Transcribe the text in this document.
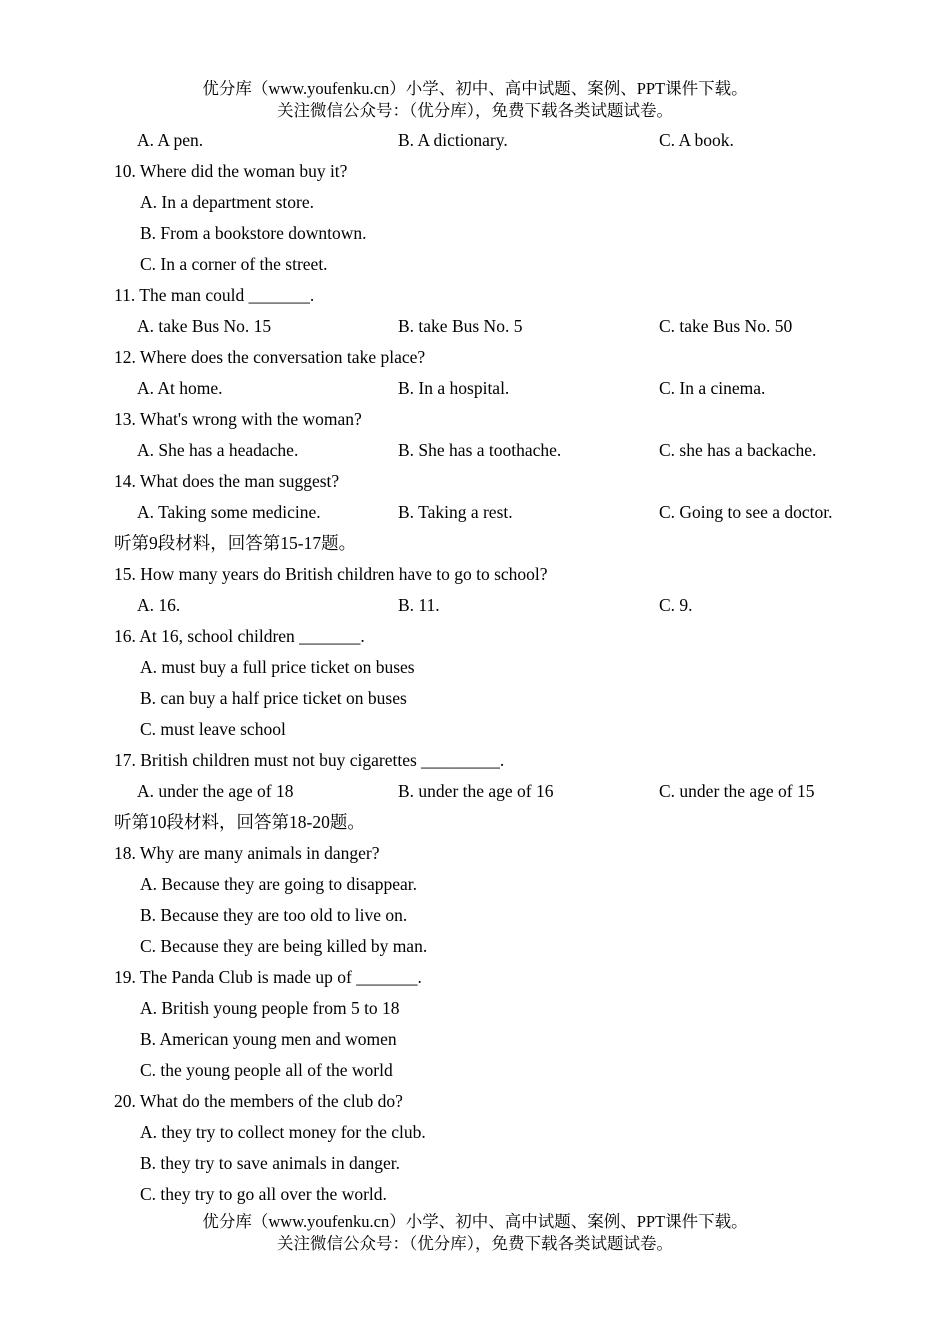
优分库（www.youfenku.cn）小学、初中、高中试题、案例、PPT课件下载。
关注微信公众号：（优分库），免费下载各类试题试卷。
A. A pen.	B. A dictionary.	C. A book.
10. Where did the woman buy it?
A. In a department store.
B. From a bookstore downtown.
C. In a corner of the street.
11. The man could _______.
A. take Bus No. 15	B. take Bus No. 5	C. take Bus No. 50
12. Where does the conversation take place?
A. At home.	B. In a hospital.	C. In a cinema.
13. What's wrong with the woman?
A. She has a headache.	B. She has a toothache.	C. she has a backache.
14. What does the man suggest?
A. Taking some medicine.	B. Taking a rest.	C. Going to see a doctor.
听第9段材料，回答第15-17题。
15. How many years do British children have to go to school?
A. 16.	B. 11.	C. 9.
16. At 16, school children _______.
A. must buy a full price ticket on buses
B. can buy a half price ticket on buses
C. must leave school
17. British children must not buy cigarettes _________.
A. under the age of 18	B. under the age of 16	C. under the age of 15
听第10段材料，回答第18-20题。
18. Why are many animals in danger?
A. Because they are going to disappear.
B. Because they are too old to live on.
C. Because they are being killed by man.
19. The Panda Club is made up of _______.
A. British young people from 5 to 18
B. American young men and women
C. the young people all of the world
20. What do the members of the club do?
A. they try to collect money for the club.
B. they try to save animals in danger.
C. they try to go all over the world.
优分库（www.youfenku.cn）小学、初中、高中试题、案例、PPT课件下载。
关注微信公众号：（优分库），免费下载各类试题试卷。
